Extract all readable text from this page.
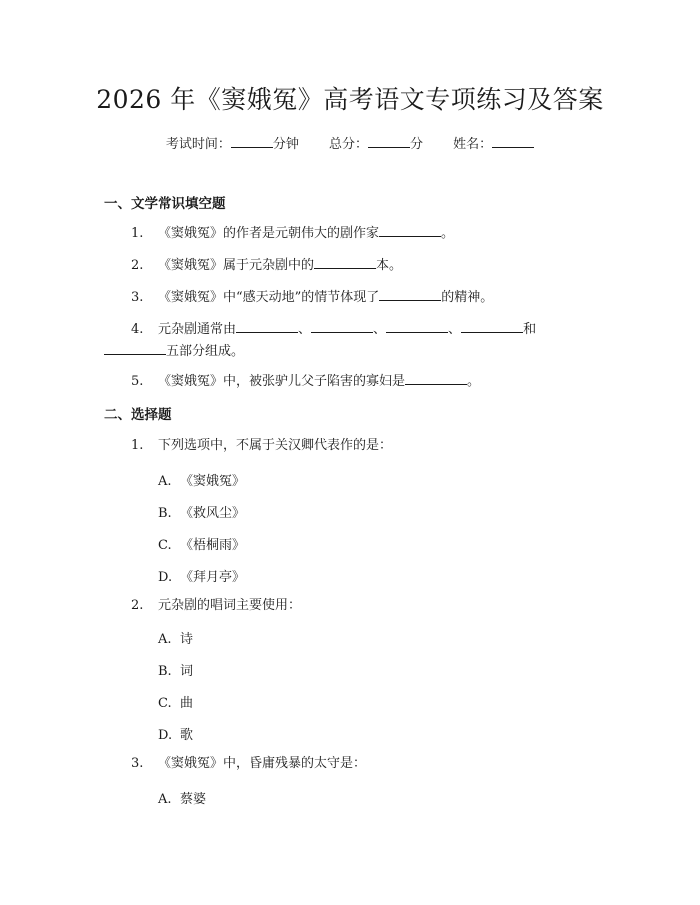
2026 年《窦娥冤》高考语文专项练习及答案
考试时间：	分钟 总分：	分 姓名：
一、文学常识填空题
1. 《窦娥冤》的作者是元朝伟大的剧作家	。
2. 《窦娥冤》属于元杂剧中的	本。
3. 《窦娥冤》中“感天动地”的情节体现了	的精神。
4. 元杂剧通常由	、	、	、	和五部分组成。
5. 《窦娥冤》中，被张驴儿父子陷害的寡妇是	。
二、选择题
1. 下列选项中，不属于关汉卿代表作的是：
A. 《窦娥冤》
B. 《救风尘》
C. 《梧桐雨》
D. 《拜月亭》
2. 元杂剧的唱词主要使用：
A. 诗
B. 词
C. 曲
D. 歌
3. 《窦娥冤》中，昏庸残暴的太守是：
A. 蔡婆
